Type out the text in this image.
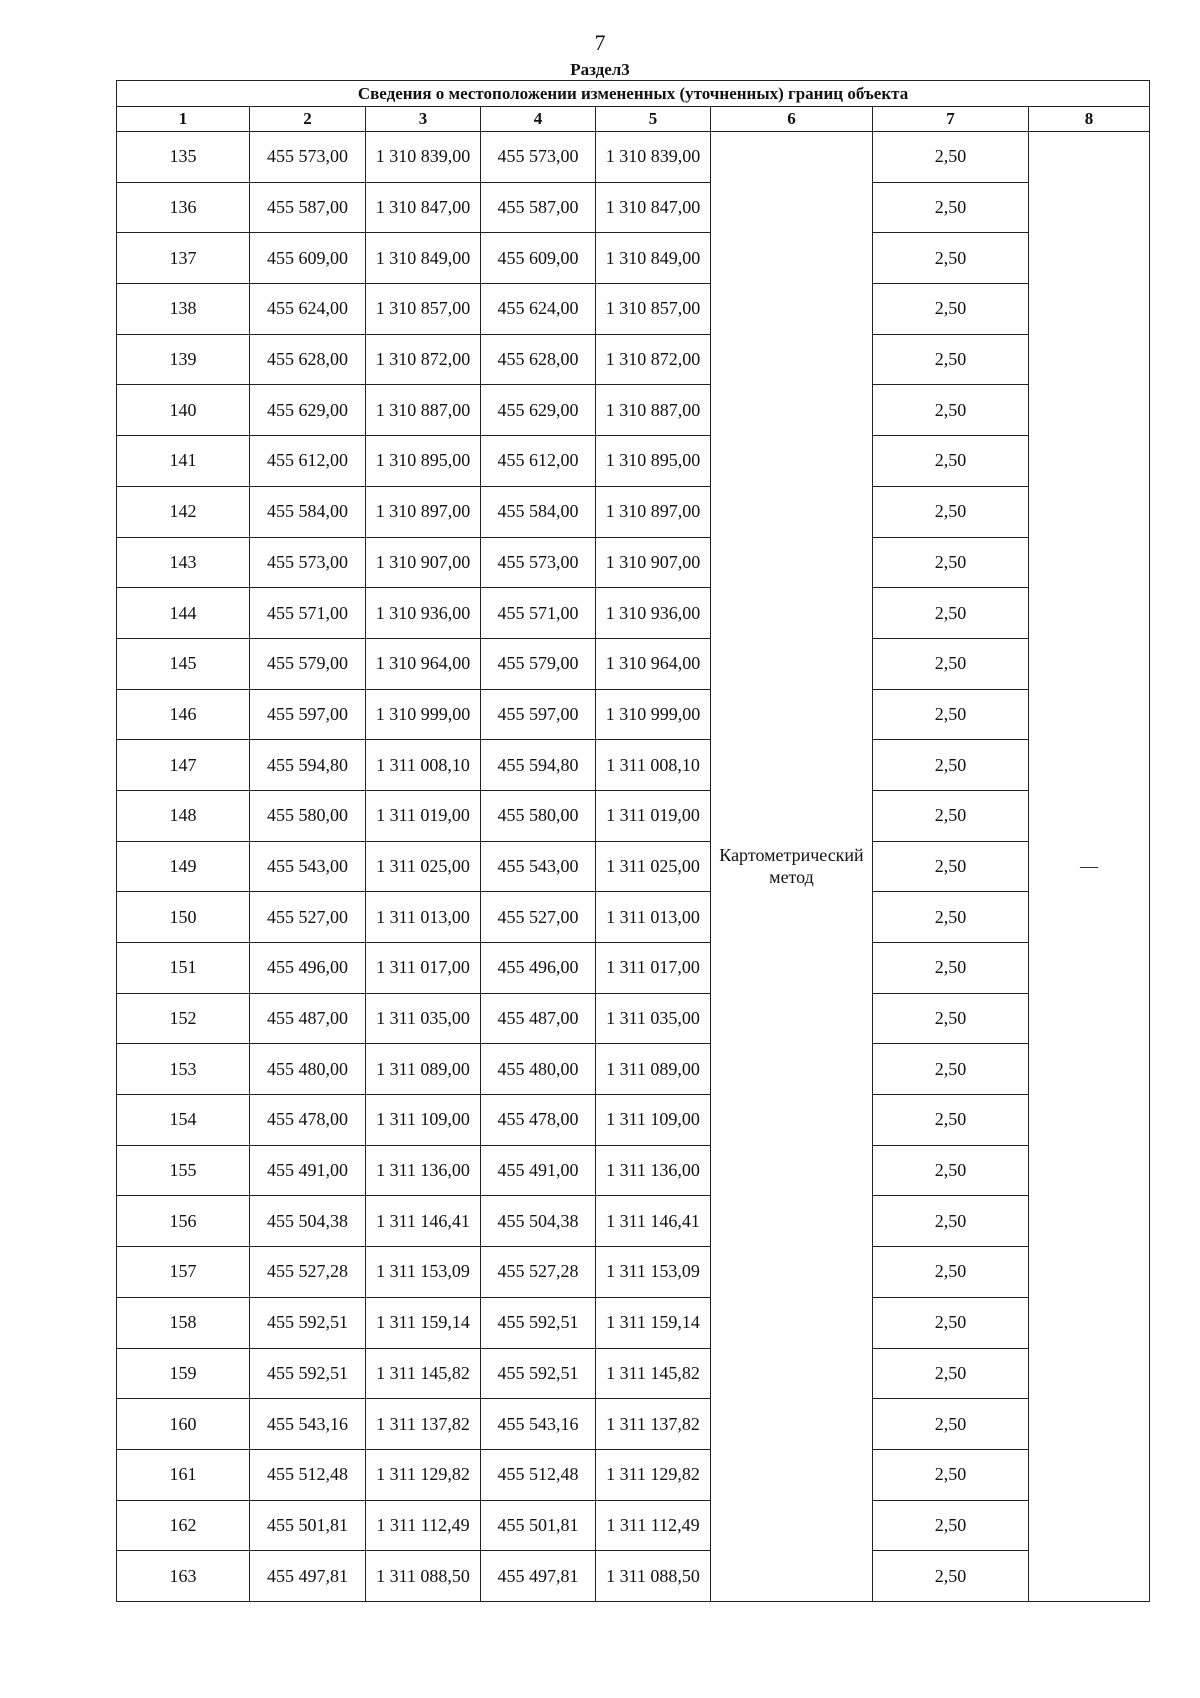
7
Раздел3
Сведения о местоположении измененных (уточненных) границ объекта							
1	2	3	4	5	6	7	8
135	455 573,00	1 310 839,00	455 573,00	1 310 839,00	Картометрический метод	2,50	—
136	455 587,00	1 310 847,00	455 587,00	1 310 847,00		2,50	
137	455 609,00	1 310 849,00	455 609,00	1 310 849,00		2,50	
138	455 624,00	1 310 857,00	455 624,00	1 310 857,00		2,50	
139	455 628,00	1 310 872,00	455 628,00	1 310 872,00		2,50	
140	455 629,00	1 310 887,00	455 629,00	1 310 887,00		2,50	
141	455 612,00	1 310 895,00	455 612,00	1 310 895,00		2,50	
142	455 584,00	1 310 897,00	455 584,00	1 310 897,00		2,50	
143	455 573,00	1 310 907,00	455 573,00	1 310 907,00		2,50	
144	455 571,00	1 310 936,00	455 571,00	1 310 936,00		2,50	
145	455 579,00	1 310 964,00	455 579,00	1 310 964,00		2,50	
146	455 597,00	1 310 999,00	455 597,00	1 310 999,00		2,50	
147	455 594,80	1 311 008,10	455 594,80	1 311 008,10		2,50	
148	455 580,00	1 311 019,00	455 580,00	1 311 019,00		2,50	
149	455 543,00	1 311 025,00	455 543,00	1 311 025,00		2,50	
150	455 527,00	1 311 013,00	455 527,00	1 311 013,00		2,50	
151	455 496,00	1 311 017,00	455 496,00	1 311 017,00		2,50	
152	455 487,00	1 311 035,00	455 487,00	1 311 035,00		2,50	
153	455 480,00	1 311 089,00	455 480,00	1 311 089,00		2,50	
154	455 478,00	1 311 109,00	455 478,00	1 311 109,00		2,50	
155	455 491,00	1 311 136,00	455 491,00	1 311 136,00		2,50	
156	455 504,38	1 311 146,41	455 504,38	1 311 146,41		2,50	
157	455 527,28	1 311 153,09	455 527,28	1 311 153,09		2,50	
158	455 592,51	1 311 159,14	455 592,51	1 311 159,14		2,50	
159	455 592,51	1 311 145,82	455 592,51	1 311 145,82		2,50	
160	455 543,16	1 311 137,82	455 543,16	1 311 137,82		2,50	
161	455 512,48	1 311 129,82	455 512,48	1 311 129,82		2,50	
162	455 501,81	1 311 112,49	455 501,81	1 311 112,49		2,50	
163	455 497,81	1 311 088,50	455 497,81	1 311 088,50		2,50	
